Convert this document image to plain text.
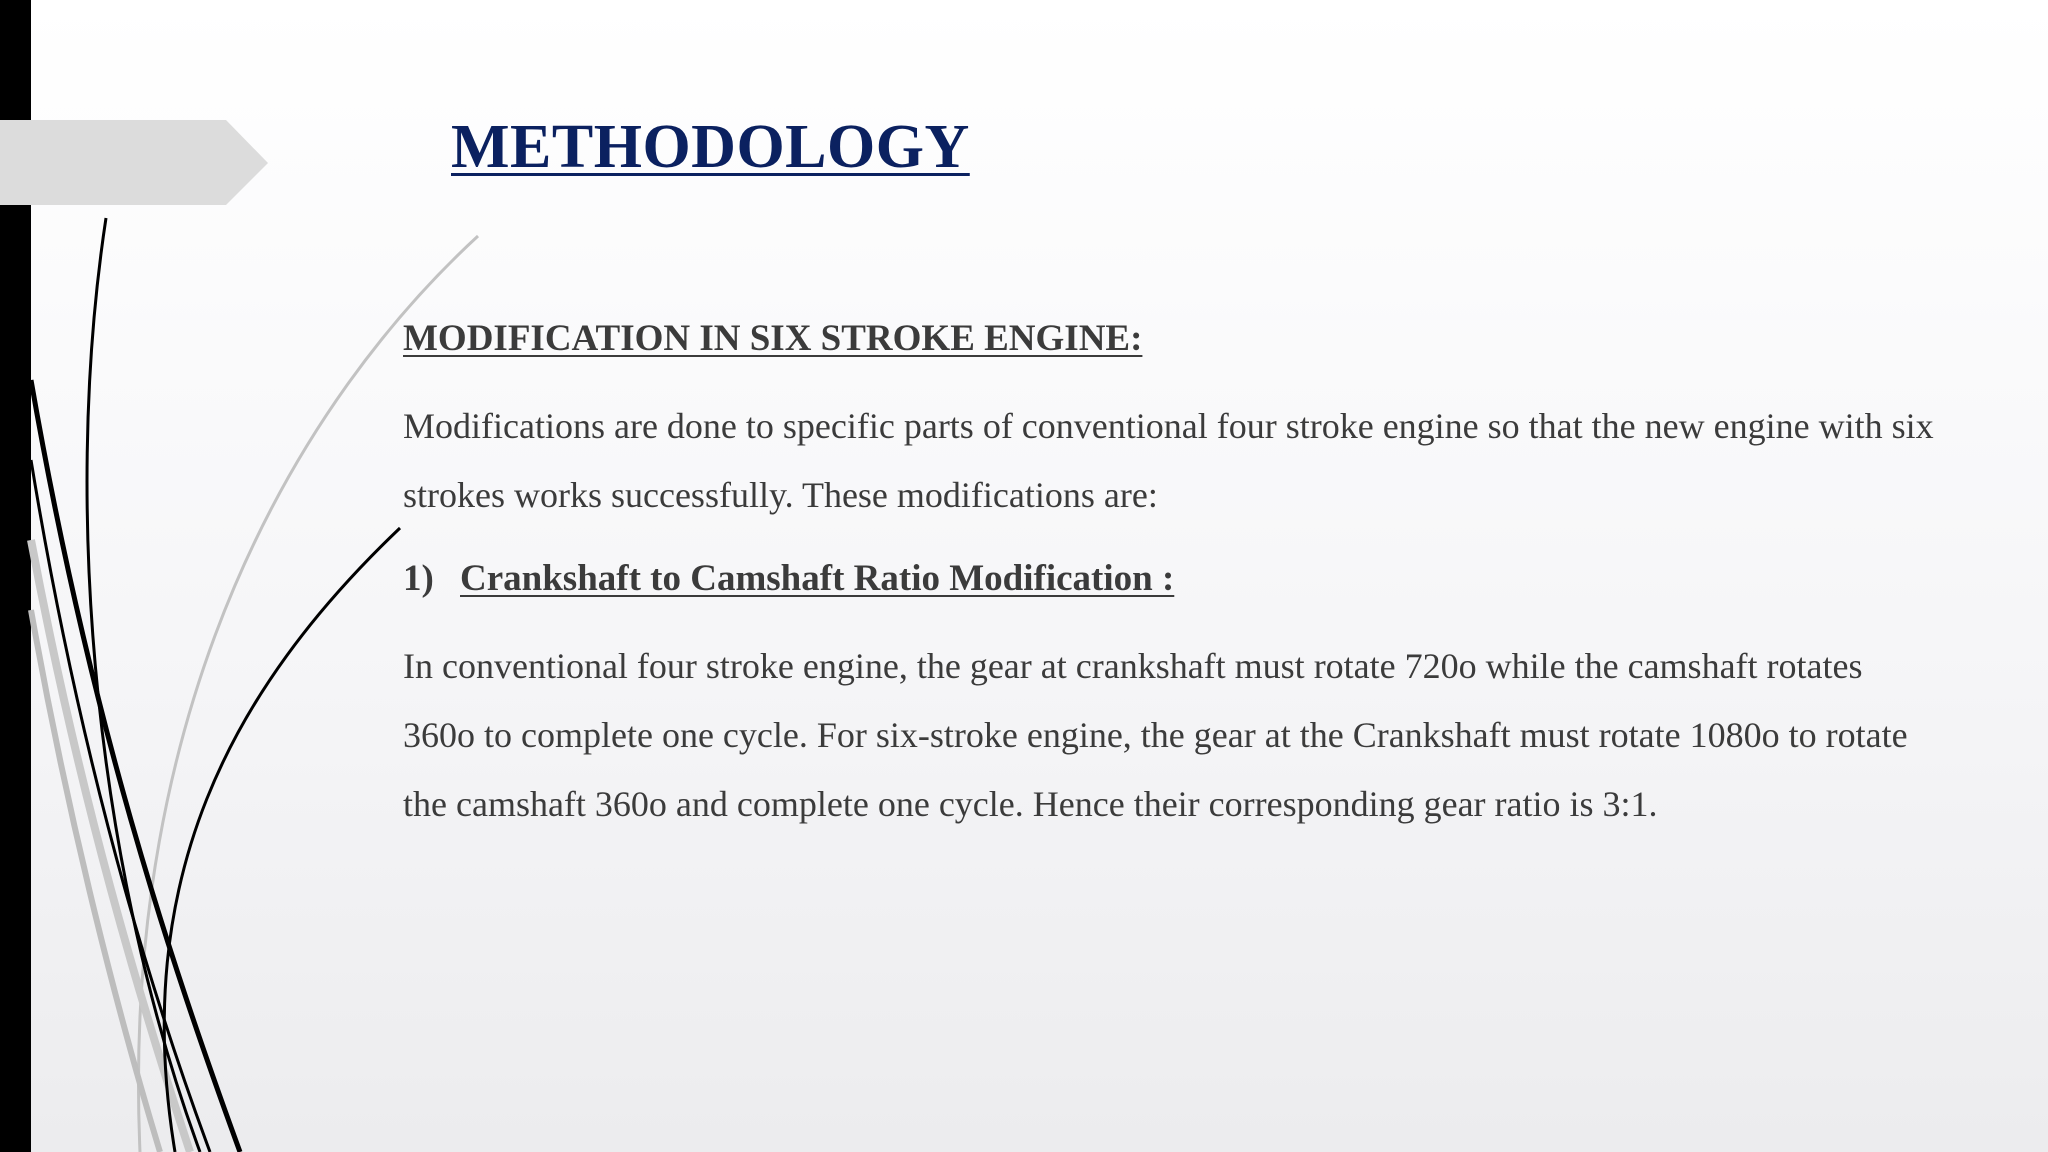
METHODOLOGY

MODIFICATION IN SIX STROKE ENGINE:

Modifications are done to specific parts of conventional four stroke engine so that the new engine with six strokes works successfully. These modifications are:

1) Crankshaft to Camshaft Ratio Modification :

In conventional four stroke engine, the gear at crankshaft must rotate 720o while the camshaft rotates 360o to complete one cycle. For six-stroke engine, the gear at the Crankshaft must rotate 1080o to rotate the camshaft 360o and complete one cycle. Hence their corresponding gear ratio is 3:1.
